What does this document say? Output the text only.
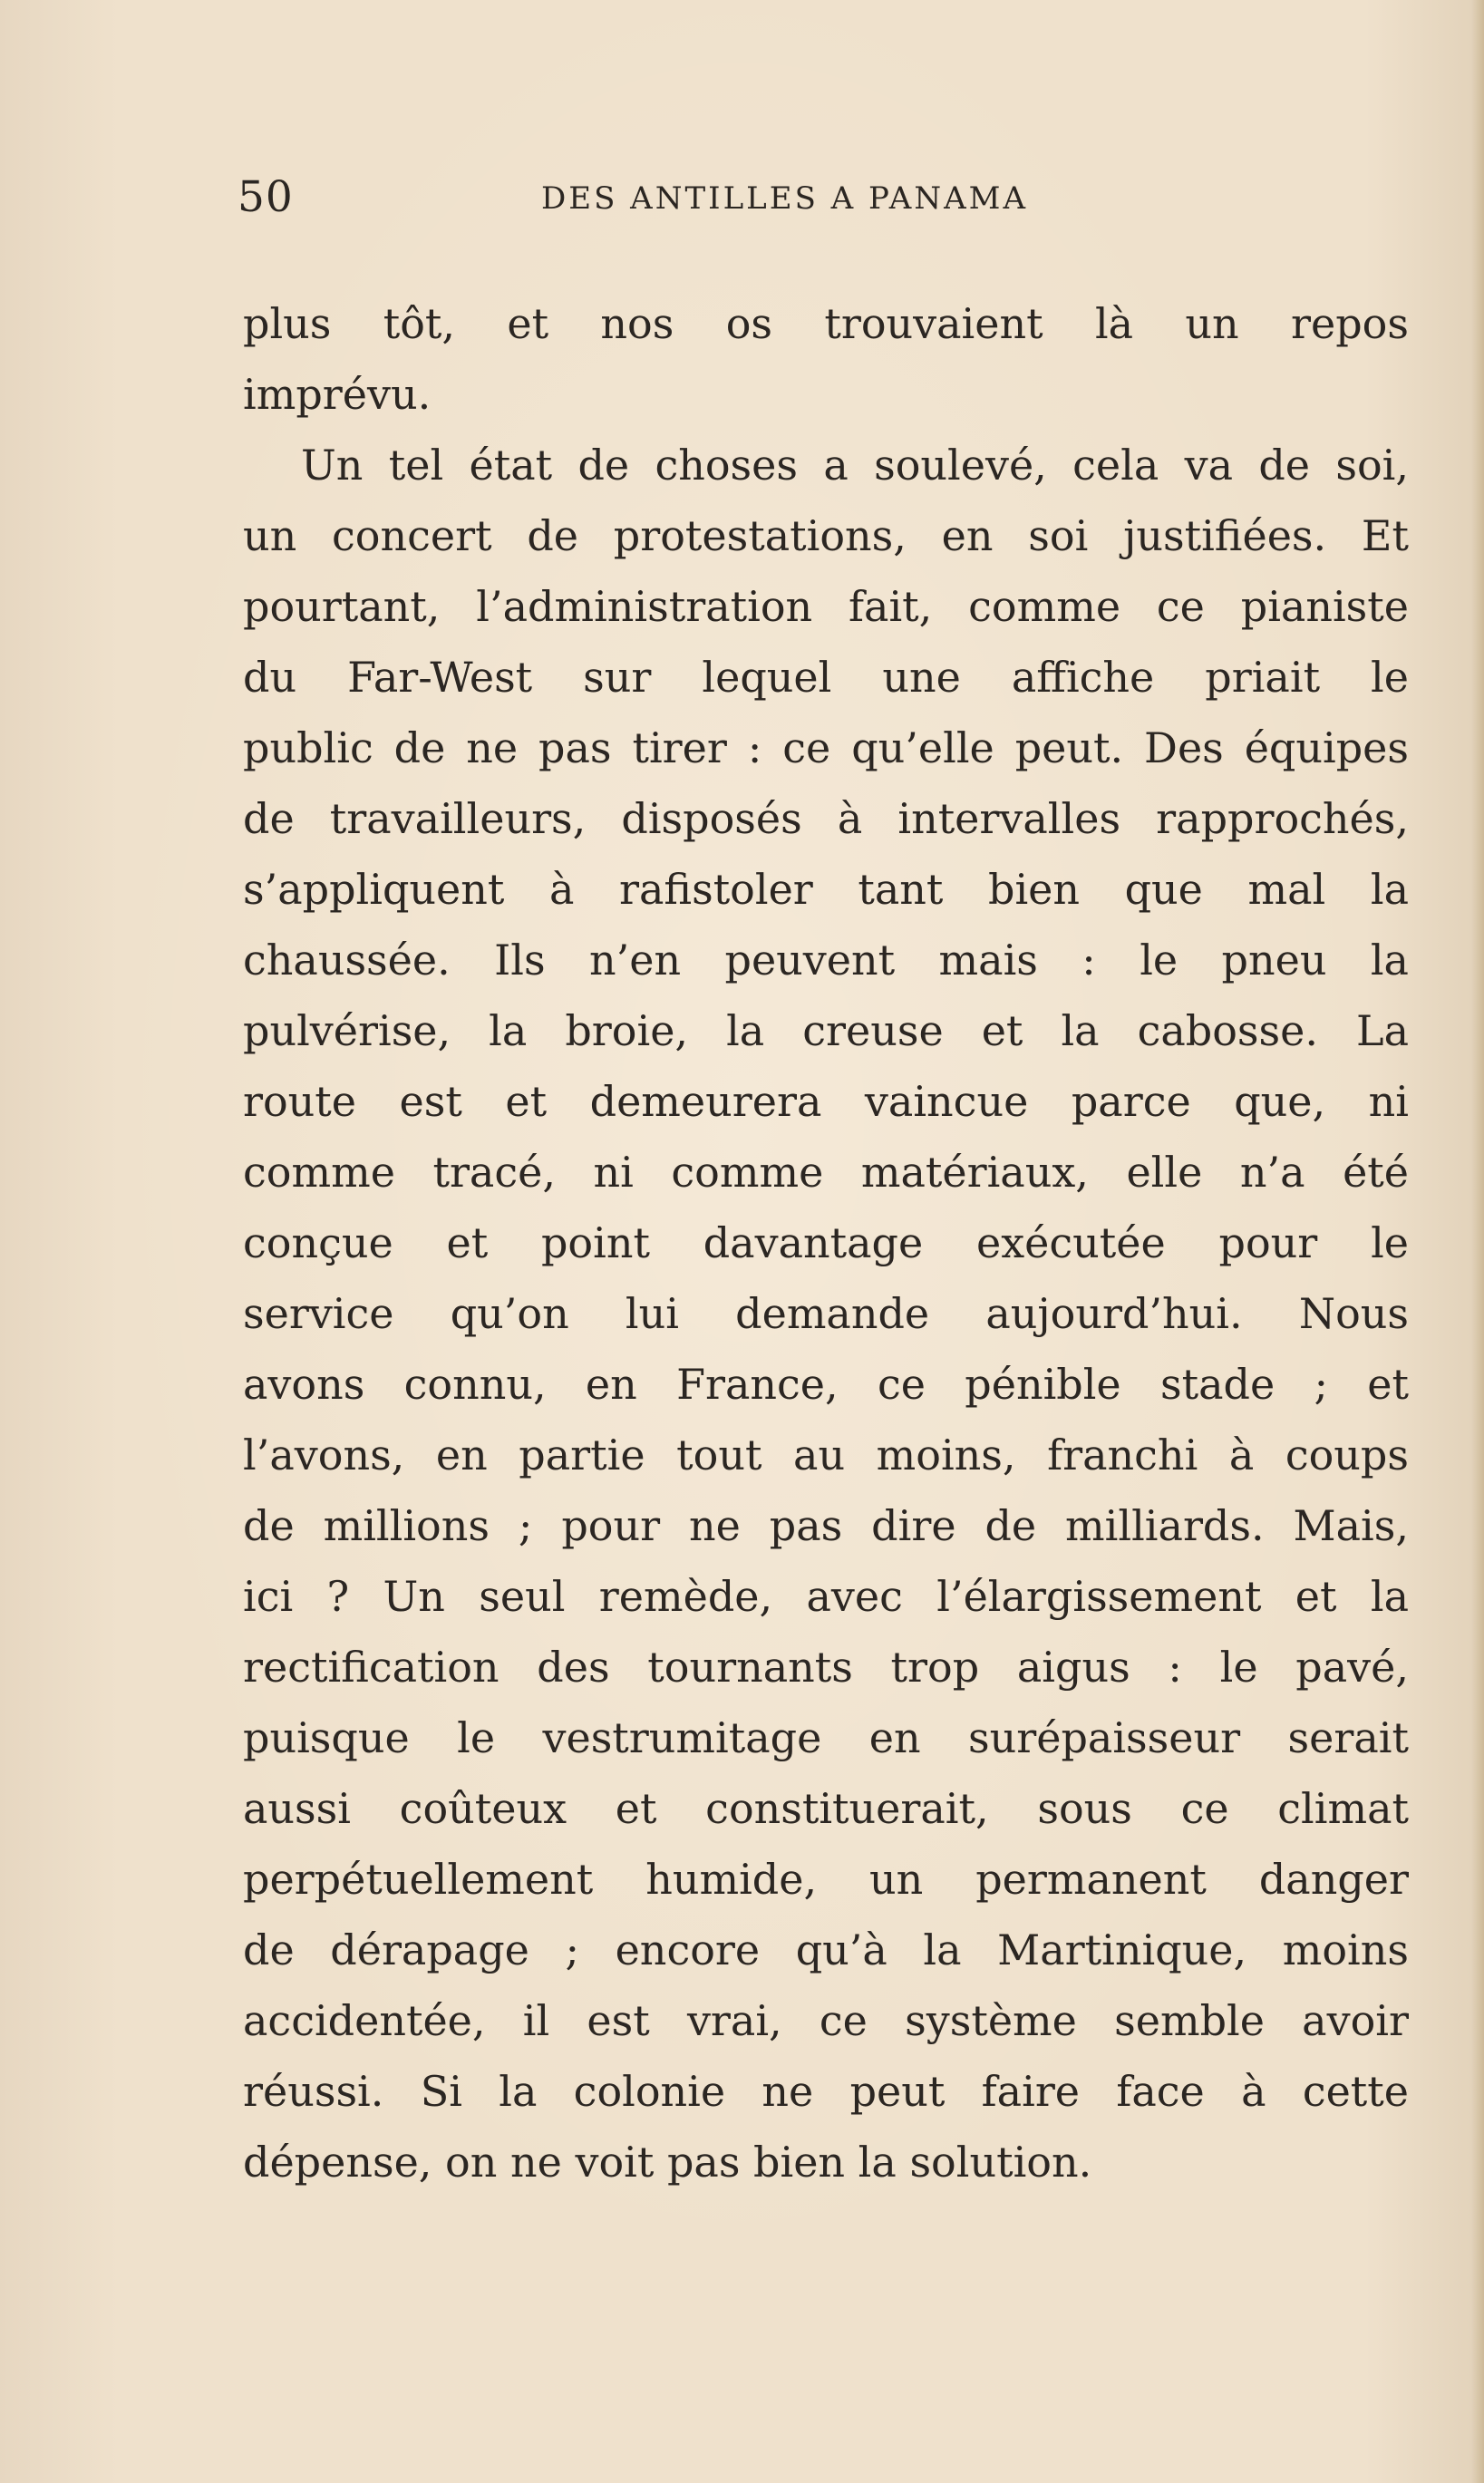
50	DES ANTILLES A PANAMA
plus tôt, et nos os trouvaient là un repos
imprévu.
Un tel état de choses a soulevé, cela va de soi,
un concert de protestations, en soi justifiées. Et
pourtant, l’administration fait, comme ce pianiste
du Far-West sur lequel une affiche priait le
public de ne pas tirer : ce qu’elle peut. Des équipes
de travailleurs, disposés à intervalles rapprochés,
s’appliquent à rafistoler tant bien que mal la
chaussée. Ils n’en peuvent mais : le pneu la
pulvérise, la broie, la creuse et la cabosse. La
route est et demeurera vaincue parce que, ni
comme tracé, ni comme matériaux, elle n’a été
conçue et point davantage exécutée pour le
service qu’on lui demande aujourd’hui. Nous
avons connu, en France, ce pénible stade ; et
l’avons, en partie tout au moins, franchi à coups
de millions ; pour ne pas dire de milliards. Mais,
ici ? Un seul remède, avec l’élargissement et la
rectification des tournants trop aigus : le pavé,
puisque le vestrumitage en surépaisseur serait
aussi coûteux et constituerait, sous ce climat
perpétuellement humide, un permanent danger
de dérapage ; encore qu’à la Martinique, moins
accidentée, il est vrai, ce système semble avoir
réussi. Si la colonie ne peut faire face à cette
dépense, on ne voit pas bien la solution.
